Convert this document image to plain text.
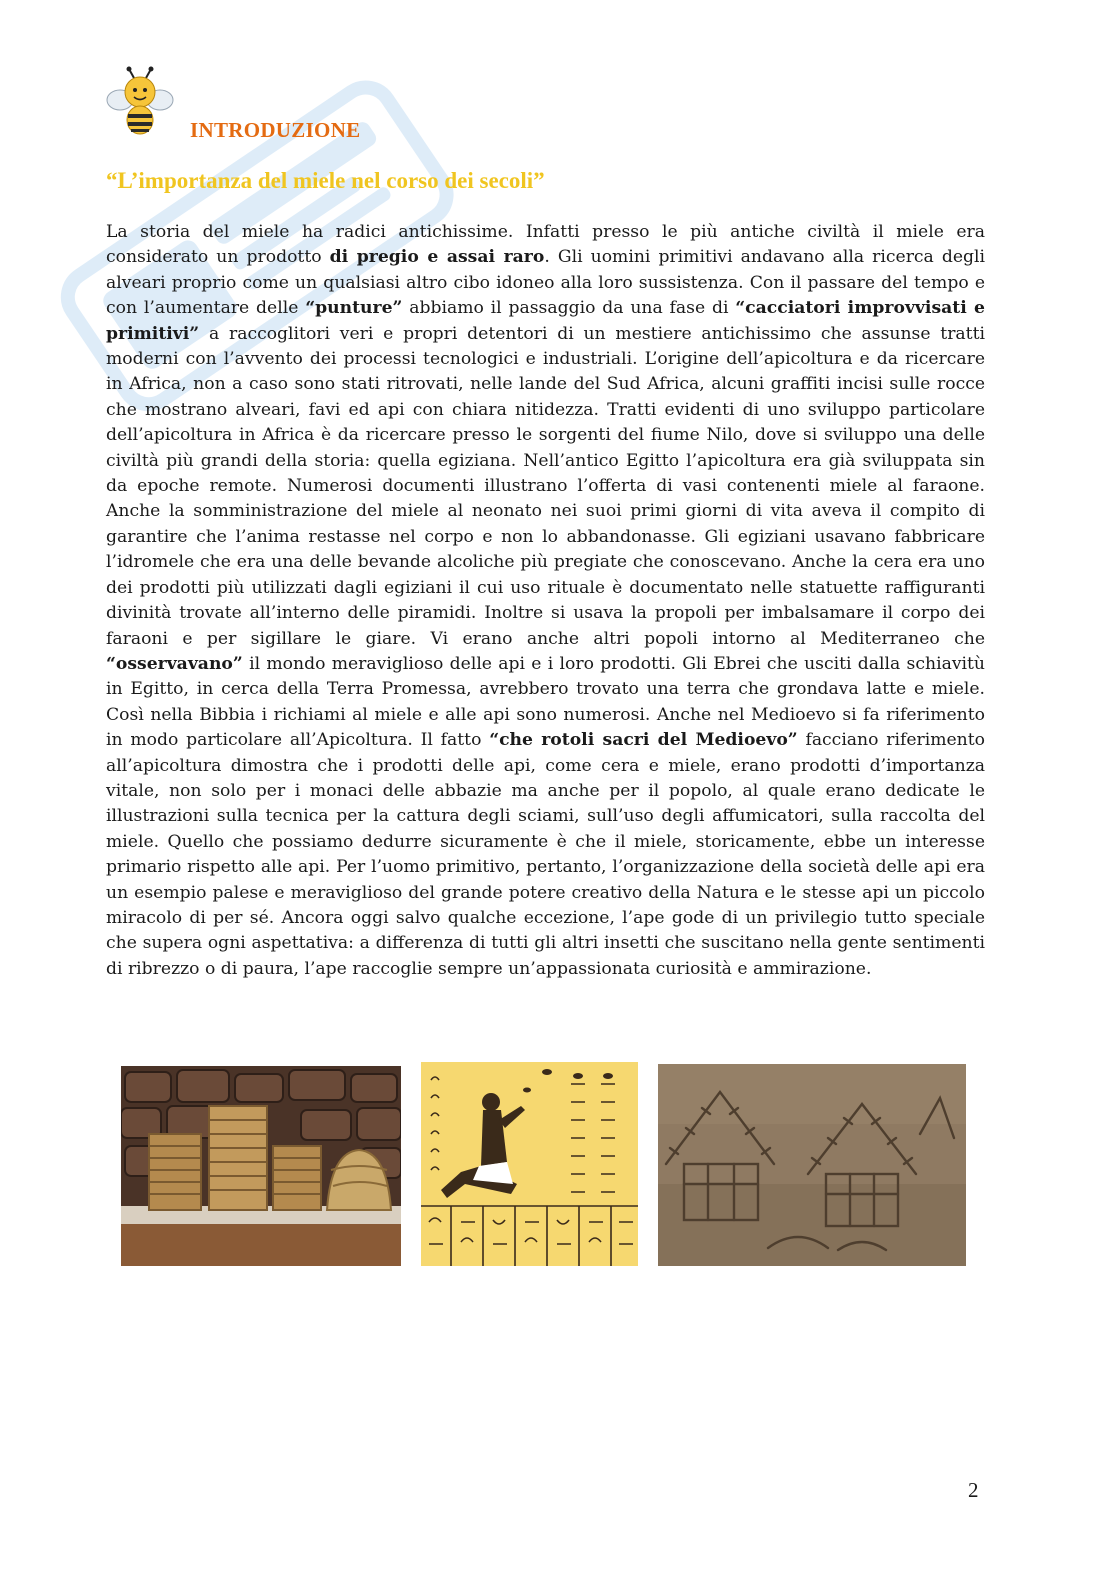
INTRODUZIONE
“L’importanza del miele nel corso dei secoli”

La storia del miele ha radici antichissime. Infatti presso le più antiche civiltà il miele era considerato un prodotto di pregio e assai raro. Gli uomini primitivi andavano alla ricerca degli alveari proprio come un qualsiasi altro cibo idoneo alla loro sussistenza. Con il passare del tempo e con l’aumentare delle “punture” abbiamo il passaggio da una fase di “cacciatori improvvisati e primitivi” a raccoglitori veri e propri detentori di un mestiere antichissimo che assunse tratti moderni con l’avvento dei processi tecnologici e industriali. L’origine dell’apicoltura e da ricercare in Africa, non a caso sono stati ritrovati, nelle lande del Sud Africa, alcuni graffiti incisi sulle rocce che mostrano alveari, favi ed api con chiara nitidezza. Tratti evidenti di uno sviluppo particolare dell’apicoltura in Africa è da ricercare presso le sorgenti del fiume Nilo, dove si sviluppo una delle civiltà più grandi della storia: quella egiziana. Nell’antico Egitto l’apicoltura era già sviluppata sin da epoche remote. Numerosi documenti illustrano l’offerta di vasi contenenti miele al faraone. Anche la somministrazione del miele al neonato nei suoi primi giorni di vita aveva il compito di garantire che l’anima restasse nel corpo e non lo abbandonasse. Gli egiziani usavano fabbricare l’idromele che era una delle bevande alcoliche più pregiate che conoscevano. Anche la cera era uno dei prodotti più utilizzati dagli egiziani il cui uso rituale è documentato nelle statuette raffiguranti divinità trovate all’interno delle piramidi. Inoltre si usava la propoli per imbalsamare il corpo dei faraoni e per sigillare le giare. Vi erano anche altri popoli intorno al Mediterraneo che “osservavano” il mondo meraviglioso delle api e i loro prodotti. Gli Ebrei che usciti dalla schiavitù in Egitto, in cerca della Terra Promessa, avrebbero trovato una terra che grondava latte e miele. Così nella Bibbia i richiami al miele e alle api sono numerosi. Anche nel Medioevo si fa riferimento in modo particolare all’Apicoltura. Il fatto “che rotoli sacri del Medioevo” facciano riferimento all’apicoltura dimostra che i prodotti delle api, come cera e miele, erano prodotti d’importanza vitale, non solo per i monaci delle abbazie ma anche per il popolo, al quale erano dedicate le illustrazioni sulla tecnica per la cattura degli sciami, sull’uso degli affumicatori, sulla raccolta del miele. Quello che possiamo dedurre sicuramente è che il miele, storicamente, ebbe un interesse primario rispetto alle api. Per l’uomo primitivo, pertanto, l’organizzazione della società delle api era un esempio palese e meraviglioso del grande potere creativo della Natura e le stesse api un piccolo miracolo di per sé. Ancora oggi salvo qualche eccezione, l’ape gode di un privilegio tutto speciale che supera ogni aspettativa: a differenza di tutti gli altri insetti che suscitano nella gente sentimenti di ribrezzo o di paura, l’ape raccoglie sempre un’appassionata curiosità e ammirazione.

2
